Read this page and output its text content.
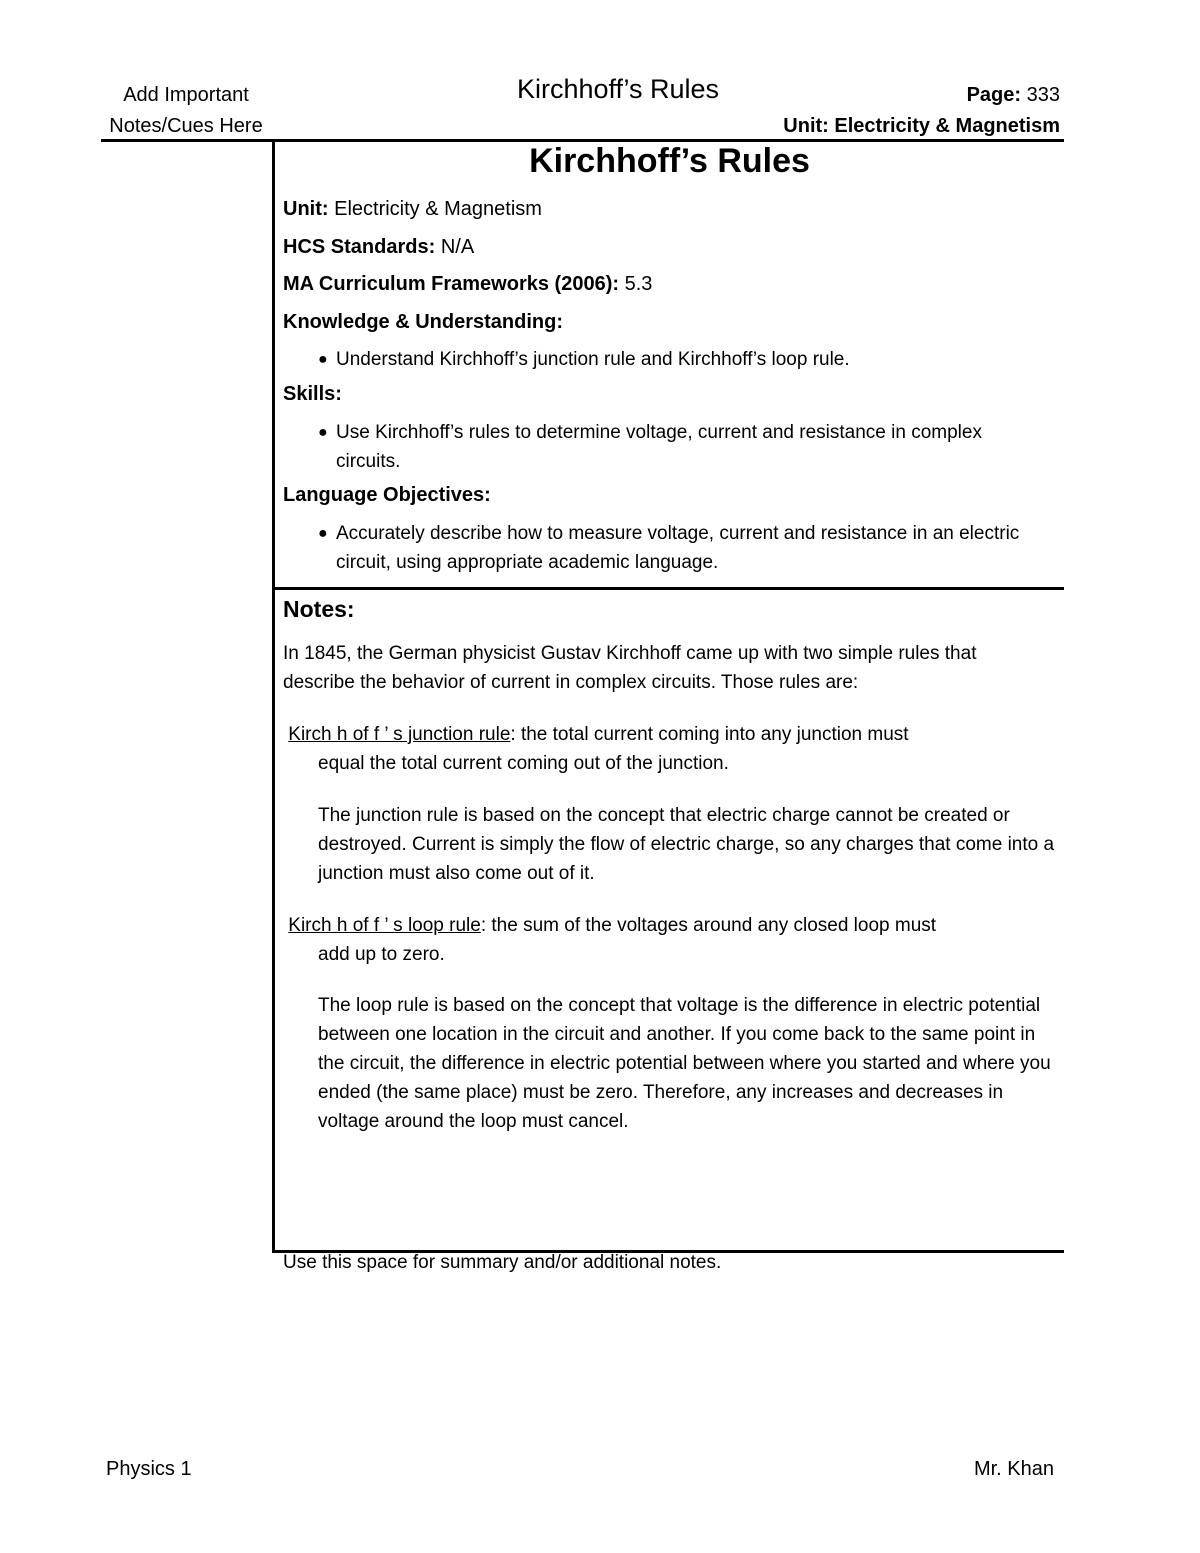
Add Important
Notes/Cues Here
Kirchhoff’s Rules	Page: 333
Unit: Electricity & Magnetism
Kirchhoff’s Rules
Unit: Electricity & Magnetism
HCS Standards: N/A
MA Curriculum Frameworks (2006): 5.3
Knowledge & Understanding:
● Understand Kirchhoff’s junction rule and Kirchhoff’s loop rule.
Skills:
● Use Kirchhoff’s rules to determine voltage, current and resistance in complex circuits.
Language Objectives:
● Accurately describe how to measure voltage, current and resistance in an electric circuit, using appropriate academic language.
Notes:
In 1845, the German physicist Gustav Kirchhoff came up with two simple rules that describe the behavior of current in complex circuits. Those rules are:
Kirch h of f ’ s junction rule: the total current coming into any junction must
equal the total current coming out of the junction.
The junction rule is based on the concept that electric charge cannot be created or destroyed. Current is simply the flow of electric charge, so any charges that come into a junction must also come out of it.
Kirch h of f ’ s loop rule: the sum of the voltages around any closed loop must
add up to zero.
The loop rule is based on the concept that voltage is the difference in electric potential between one location in the circuit and another. If you come back to the same point in the circuit, the difference in electric potential between where you started and where you ended (the same place) must be zero. Therefore, any increases and decreases in voltage around the loop must cancel.
Use this space for summary and/or additional notes.
Physics 1	Mr. Khan
